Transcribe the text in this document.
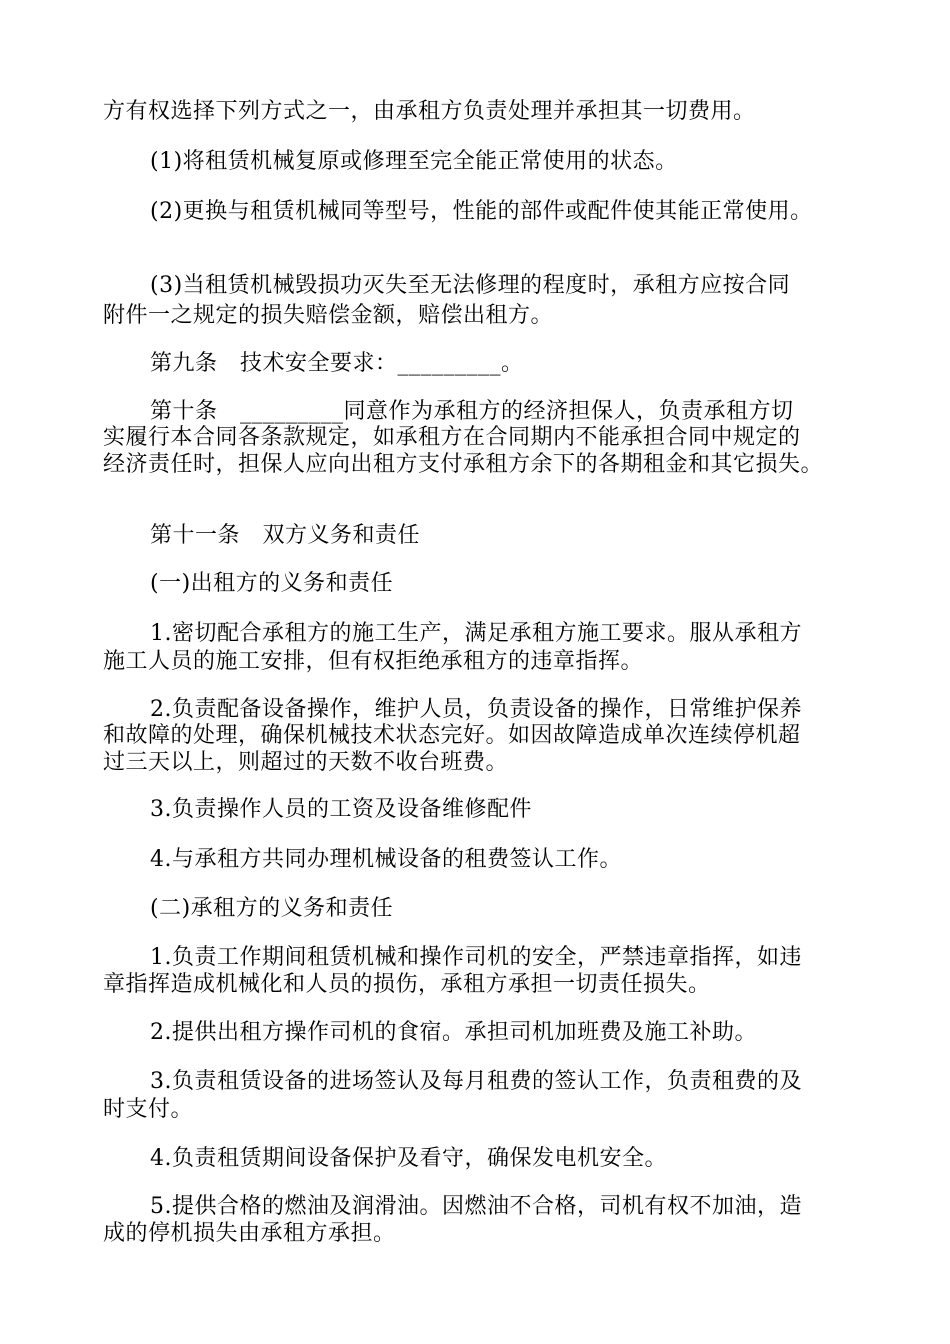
方有权选择下列方式之一，由承租方负责处理并承担其一切费用。
(1)将租赁机械复原或修理至完全能正常使用的状态。
(2)更换与租赁机械同等型号，性能的部件或配件使其能正常使用。
(3)当租赁机械毁损功灭失至无法修理的程度时，承租方应按合同
附件一之规定的损失赔偿金额，赔偿出租方。
第九条　技术安全要求：_________。
第十条　_________同意作为承租方的经济担保人，负责承租方切
实履行本合同各条款规定，如承租方在合同期内不能承担合同中规定的
经济责任时，担保人应向出租方支付承租方余下的各期租金和其它损失。
第十一条　双方义务和责任
(一)出租方的义务和责任
1.密切配合承租方的施工生产，满足承租方施工要求。服从承租方
施工人员的施工安排，但有权拒绝承租方的违章指挥。
2.负责配备设备操作，维护人员，负责设备的操作，日常维护保养
和故障的处理，确保机械技术状态完好。如因故障造成单次连续停机超
过三天以上，则超过的天数不收台班费。
3.负责操作人员的工资及设备维修配件
4.与承租方共同办理机械设备的租费签认工作。
(二)承租方的义务和责任
1.负责工作期间租赁机械和操作司机的安全，严禁违章指挥，如违
章指挥造成机械化和人员的损伤，承租方承担一切责任损失。
2.提供出租方操作司机的食宿。承担司机加班费及施工补助。
3.负责租赁设备的进场签认及每月租费的签认工作，负责租费的及
时支付。
4.负责租赁期间设备保护及看守，确保发电机安全。
5.提供合格的燃油及润滑油。因燃油不合格，司机有权不加油，造
成的停机损失由承租方承担。
